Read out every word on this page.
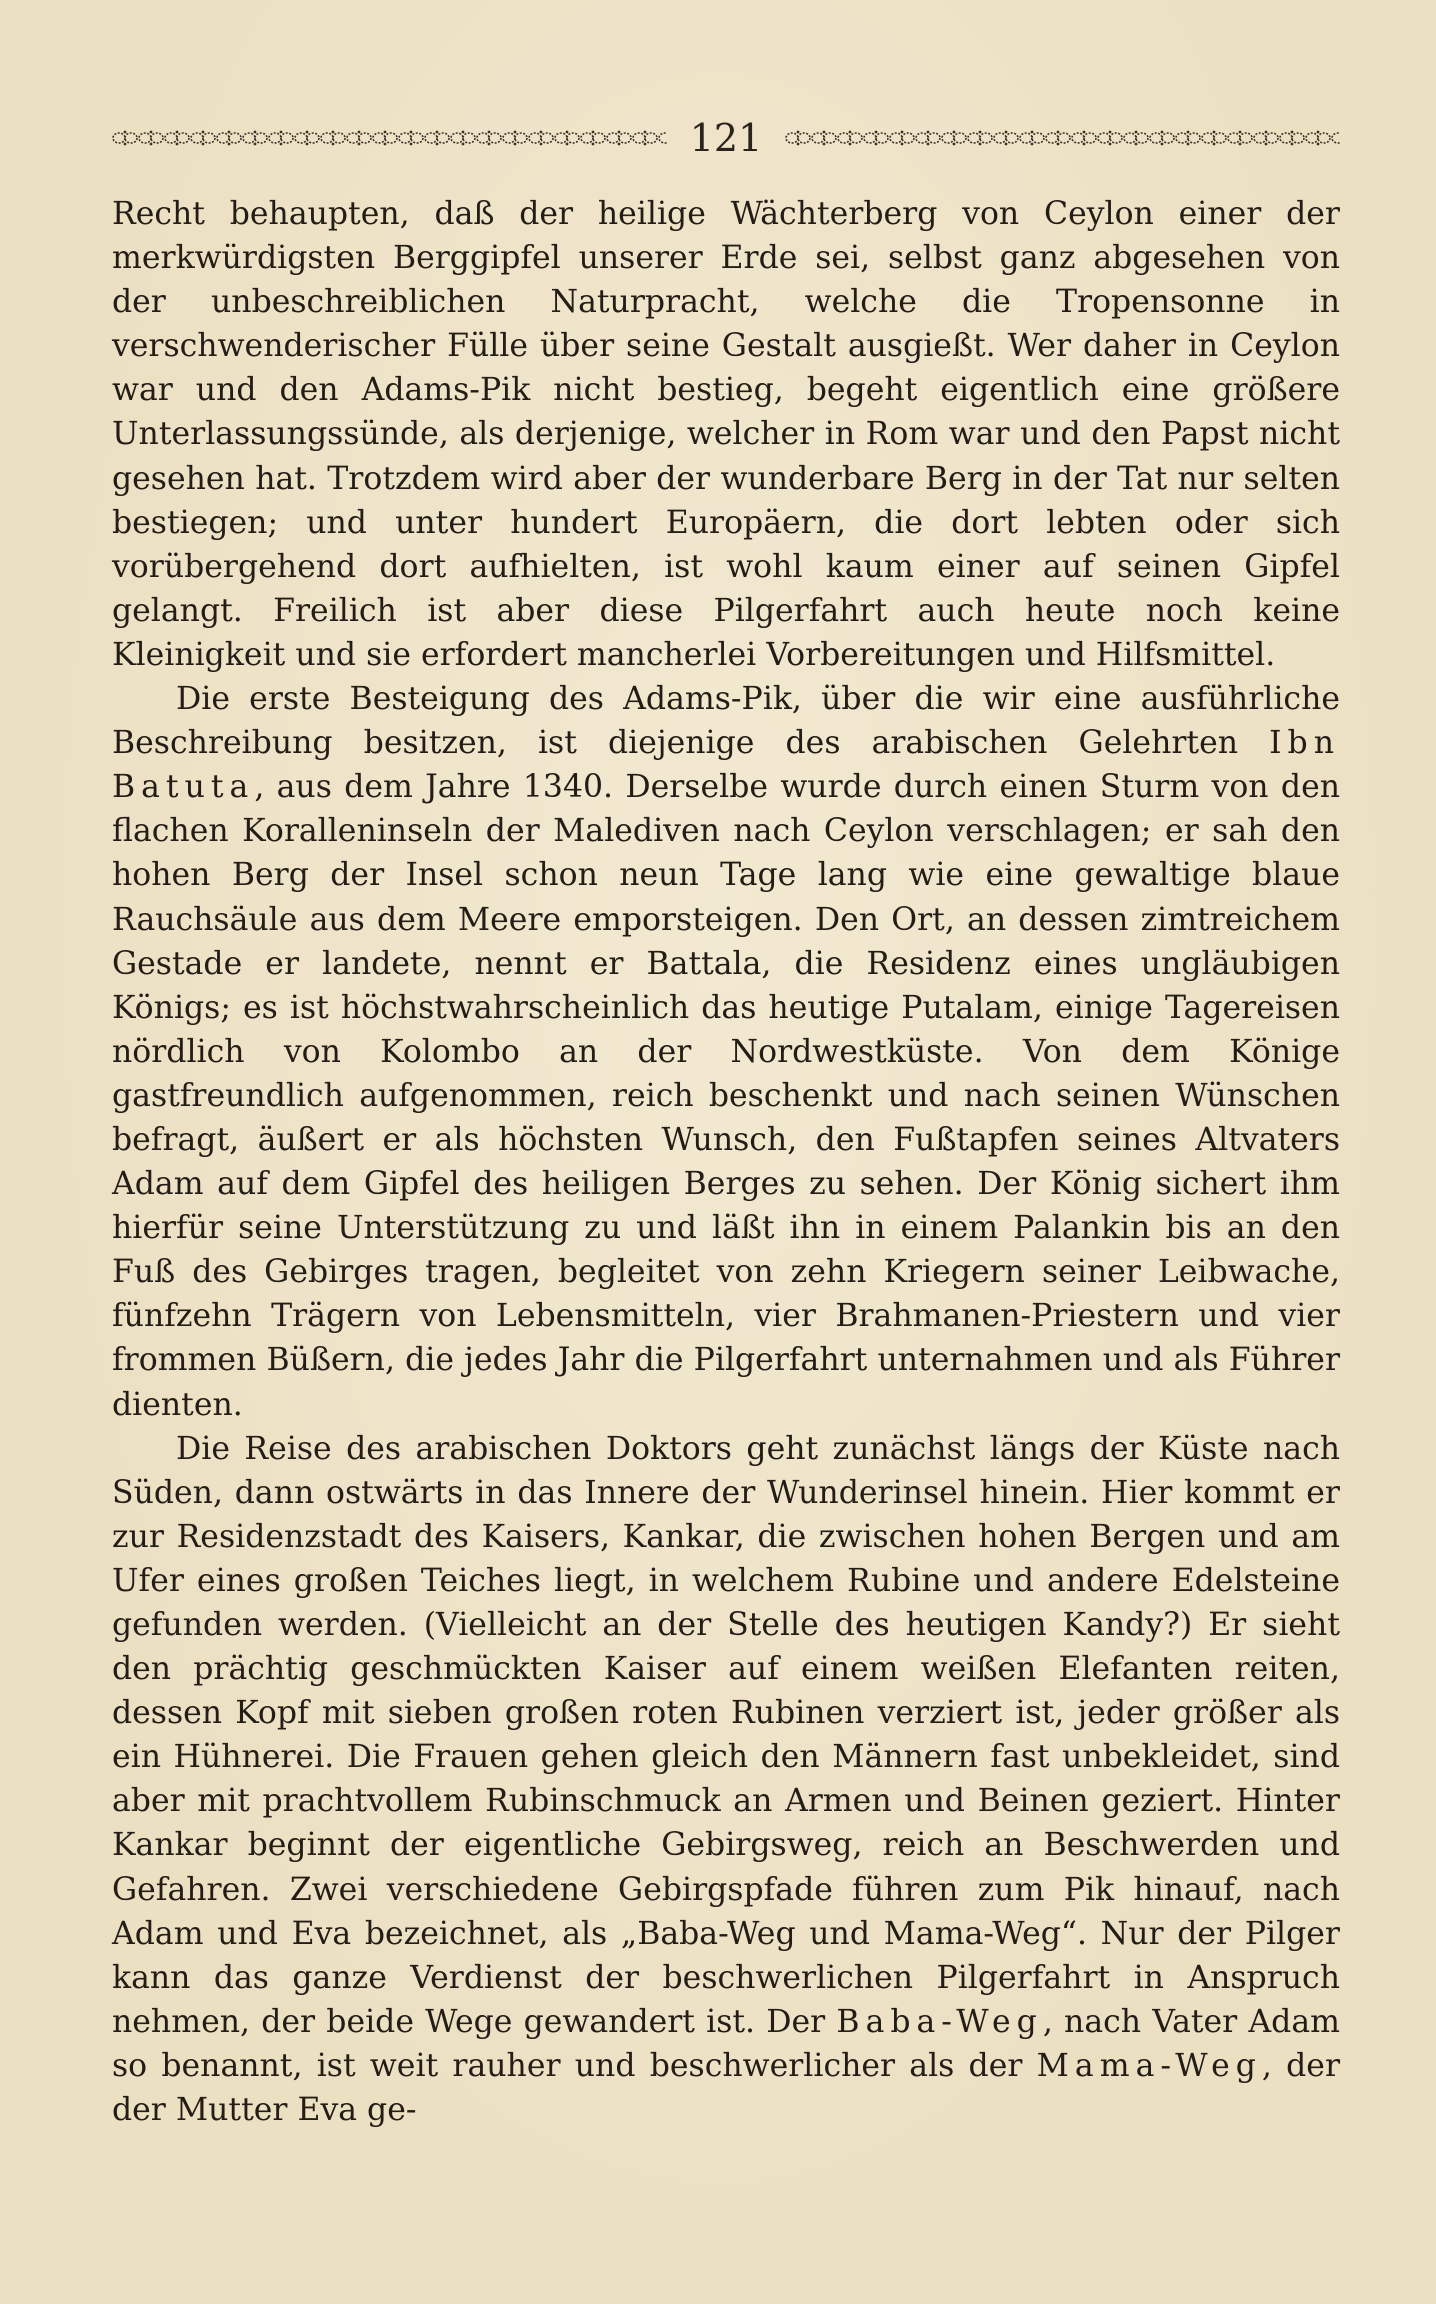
121

Recht behaupten, daß der heilige Wächterberg von Ceylon einer der merkwürdigsten Berggipfel unserer Erde sei, selbst ganz abgesehen von der unbeschreiblichen Naturpracht, welche die Tropensonne in verschwenderischer Fülle über seine Gestalt ausgießt. Wer daher in Ceylon war und den Adams-Pik nicht bestieg, begeht eigentlich eine größere Unterlassungssünde, als derjenige, welcher in Rom war und den Papst nicht gesehen hat. Trotzdem wird aber der wunderbare Berg in der Tat nur selten bestiegen; und unter hundert Europäern, die dort lebten oder sich vorübergehend dort aufhielten, ist wohl kaum einer auf seinen Gipfel gelangt. Freilich ist aber diese Pilgerfahrt auch heute noch keine Kleinigkeit und sie erfordert mancherlei Vorbereitungen und Hilfsmittel.

Die erste Besteigung des Adams-Pik, über die wir eine ausführliche Beschreibung besitzen, ist diejenige des arabischen Gelehrten Ibn Batuta, aus dem Jahre 1340. Derselbe wurde durch einen Sturm von den flachen Koralleninseln der Malediven nach Ceylon verschlagen; er sah den hohen Berg der Insel schon neun Tage lang wie eine gewaltige blaue Rauchsäule aus dem Meere emporsteigen. Den Ort, an dessen zimtreichem Gestade er landete, nennt er Battala, die Residenz eines ungläubigen Königs; es ist höchstwahrscheinlich das heutige Putalam, einige Tagereisen nördlich von Kolombo an der Nordwestküste. Von dem Könige gastfreundlich aufgenommen, reich beschenkt und nach seinen Wünschen befragt, äußert er als höchsten Wunsch, den Fußtapfen seines Altvaters Adam auf dem Gipfel des heiligen Berges zu sehen. Der König sichert ihm hierfür seine Unterstützung zu und läßt ihn in einem Palankin bis an den Fuß des Gebirges tragen, begleitet von zehn Kriegern seiner Leibwache, fünfzehn Trägern von Lebensmitteln, vier Brahmanen-Priestern und vier frommen Büßern, die jedes Jahr die Pilgerfahrt unternahmen und als Führer dienten.

Die Reise des arabischen Doktors geht zunächst längs der Küste nach Süden, dann ostwärts in das Innere der Wunderinsel hinein. Hier kommt er zur Residenzstadt des Kaisers, Kankar, die zwischen hohen Bergen und am Ufer eines großen Teiches liegt, in welchem Rubine und andere Edelsteine gefunden werden. (Vielleicht an der Stelle des heutigen Kandy?) Er sieht den prächtig geschmückten Kaiser auf einem weißen Elefanten reiten, dessen Kopf mit sieben großen roten Rubinen verziert ist, jeder größer als ein Hühnerei. Die Frauen gehen gleich den Männern fast unbekleidet, sind aber mit prachtvollem Rubinschmuck an Armen und Beinen geziert. Hinter Kankar beginnt der eigentliche Gebirgsweg, reich an Beschwerden und Gefahren. Zwei verschiedene Gebirgspfade führen zum Pik hinauf, nach Adam und Eva bezeichnet, als „Baba-Weg und Mama-Weg“. Nur der Pilger kann das ganze Verdienst der beschwerlichen Pilgerfahrt in Anspruch nehmen, der beide Wege gewandert ist. Der Baba-Weg, nach Vater Adam so benannt, ist weit rauher und beschwerlicher als der Mama-Weg, der der Mutter Eva ge-
